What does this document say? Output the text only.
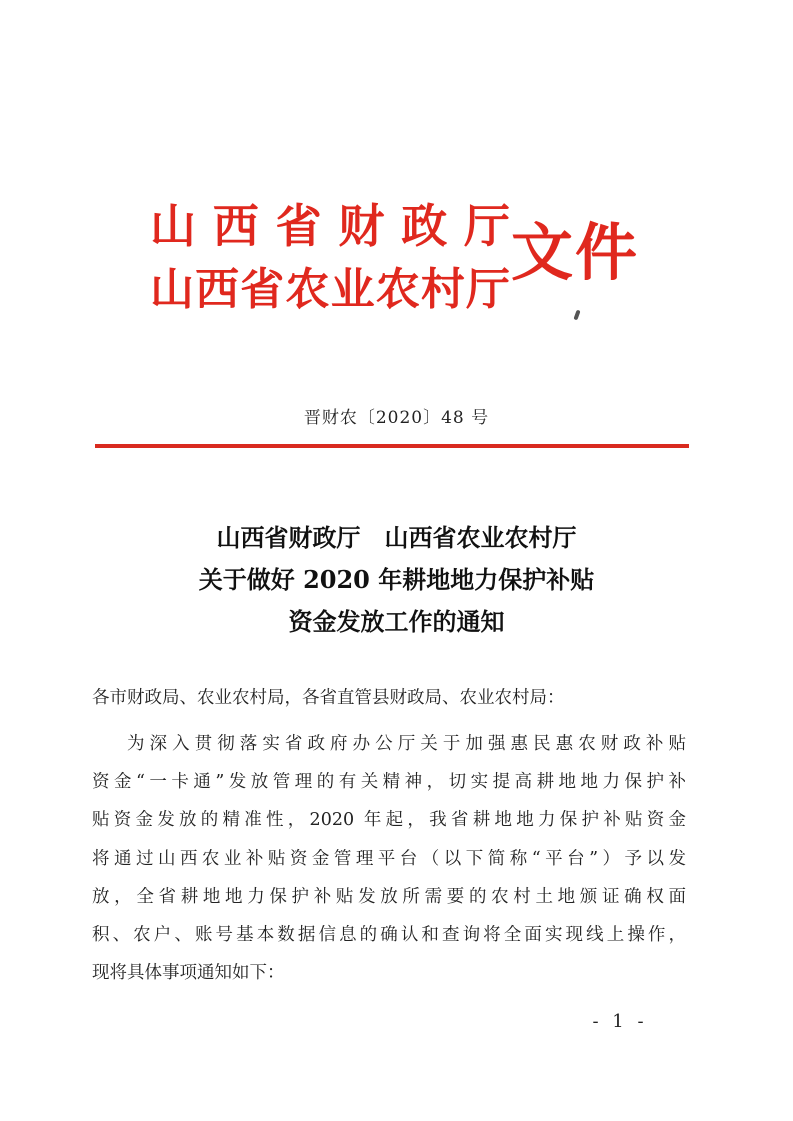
山西省财政厅
山西省农业农村厅
文件
晋财农〔2020〕48 号
山西省财政厅　山西省农业农村厅
关于做好 2020 年耕地地力保护补贴
资金发放工作的通知
各市财政局、农业农村局，各省直管县财政局、农业农村局：
为深入贯彻落实省政府办公厅关于加强惠民惠农财政补贴
资金“一卡通”发放管理的有关精神，切实提高耕地地力保护补
贴资金发放的精准性，2020 年起，我省耕地地力保护补贴资金
将通过山西农业补贴资金管理平台（以下简称“平台”）予以发
放，全省耕地地力保护补贴发放所需要的农村土地颁证确权面
积、农户、账号基本数据信息的确认和查询将全面实现线上操作，
现将具体事项通知如下：
- 1 -
